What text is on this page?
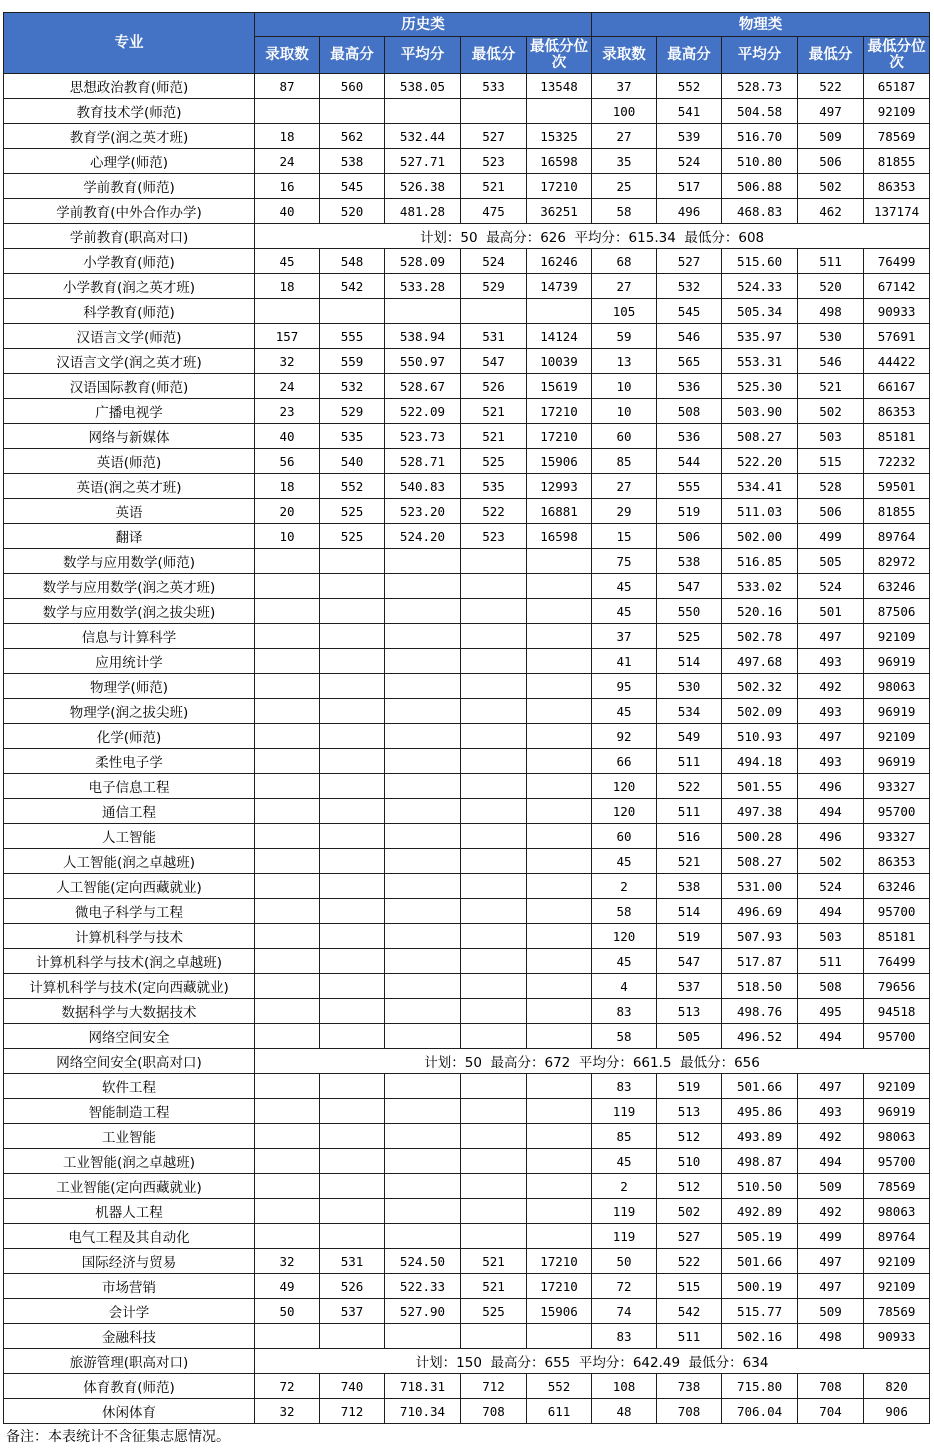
专业	历史类					物理类				
	录取数	最高分	平均分	最低分	最低分位次	录取数	最高分	平均分	最低分	最低分位次
思想政治教育(师范)	87	560	538.05	533	13548	37	552	528.73	522	65187
教育技术学(师范)						100	541	504.58	497	92109
教育学(润之英才班)	18	562	532.44	527	15325	27	539	516.70	509	78569
心理学(师范)	24	538	527.71	523	16598	35	524	510.80	506	81855
学前教育(师范)	16	545	526.38	521	17210	25	517	506.88	502	86353
学前教育(中外合作办学)	40	520	481.28	475	36251	58	496	468.83	462	137174
学前教育(职高对口)	计划：50  最高分：626  平均分：615.34  最低分：608									
小学教育(师范)	45	548	528.09	524	16246	68	527	515.60	511	76499
小学教育(润之英才班)	18	542	533.28	529	14739	27	532	524.33	520	67142
科学教育(师范)						105	545	505.34	498	90933
汉语言文学(师范)	157	555	538.94	531	14124	59	546	535.97	530	57691
汉语言文学(润之英才班)	32	559	550.97	547	10039	13	565	553.31	546	44422
汉语国际教育(师范)	24	532	528.67	526	15619	10	536	525.30	521	66167
广播电视学	23	529	522.09	521	17210	10	508	503.90	502	86353
网络与新媒体	40	535	523.73	521	17210	60	536	508.27	503	85181
英语(师范)	56	540	528.71	525	15906	85	544	522.20	515	72232
英语(润之英才班)	18	552	540.83	535	12993	27	555	534.41	528	59501
英语	20	525	523.20	522	16881	29	519	511.03	506	81855
翻译	10	525	524.20	523	16598	15	506	502.00	499	89764
数学与应用数学(师范)						75	538	516.85	505	82972
数学与应用数学(润之英才班)						45	547	533.02	524	63246
数学与应用数学(润之拔尖班)						45	550	520.16	501	87506
信息与计算科学						37	525	502.78	497	92109
应用统计学						41	514	497.68	493	96919
物理学(师范)						95	530	502.32	492	98063
物理学(润之拔尖班)						45	534	502.09	493	96919
化学(师范)						92	549	510.93	497	92109
柔性电子学						66	511	494.18	493	96919
电子信息工程						120	522	501.55	496	93327
通信工程						120	511	497.38	494	95700
人工智能						60	516	500.28	496	93327
人工智能(润之卓越班)						45	521	508.27	502	86353
人工智能(定向西藏就业)						2	538	531.00	524	63246
微电子科学与工程						58	514	496.69	494	95700
计算机科学与技术						120	519	507.93	503	85181
计算机科学与技术(润之卓越班)						45	547	517.87	511	76499
计算机科学与技术(定向西藏就业)						4	537	518.50	508	79656
数据科学与大数据技术						83	513	498.76	495	94518
网络空间安全						58	505	496.52	494	95700
网络空间安全(职高对口)	计划：50  最高分：672  平均分：661.5  最低分：656									
软件工程						83	519	501.66	497	92109
智能制造工程						119	513	495.86	493	96919
工业智能						85	512	493.89	492	98063
工业智能(润之卓越班)						45	510	498.87	494	95700
工业智能(定向西藏就业)						2	512	510.50	509	78569
机器人工程						119	502	492.89	492	98063
电气工程及其自动化						119	527	505.19	499	89764
国际经济与贸易	32	531	524.50	521	17210	50	522	501.66	497	92109
市场营销	49	526	522.33	521	17210	72	515	500.19	497	92109
会计学	50	537	527.90	525	15906	74	542	515.77	509	78569
金融科技						83	511	502.16	498	90933
旅游管理(职高对口)	计划：150  最高分：655  平均分：642.49  最低分：634									
体育教育(师范)	72	740	718.31	712	552	108	738	715.80	708	820
休闲体育	32	712	710.34	708	611	48	708	706.04	704	906
备注：本表统计不含征集志愿情况。
